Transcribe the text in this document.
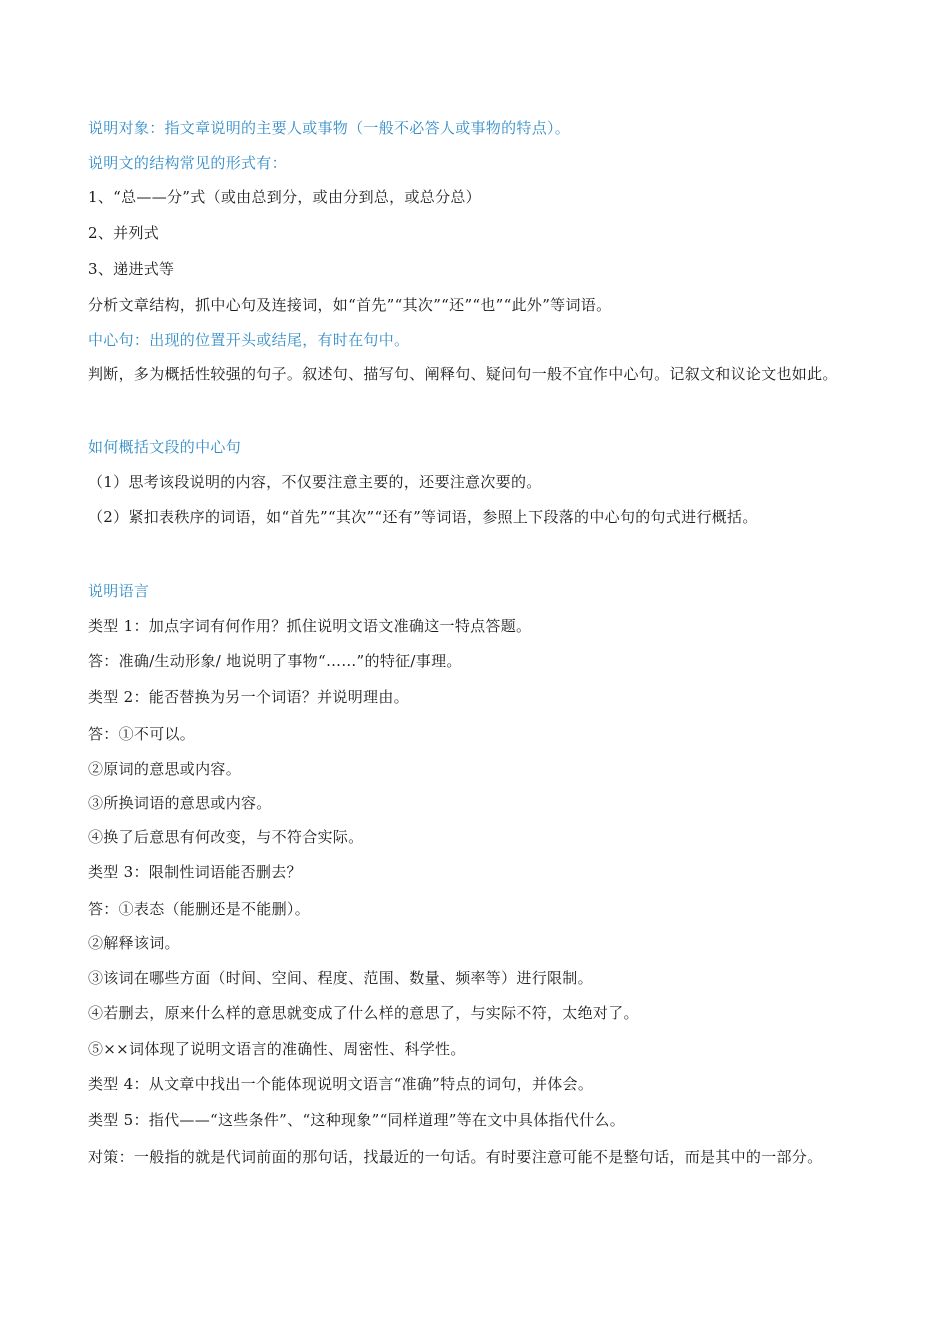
说明对象：指文章说明的主要人或事物（一般不必答人或事物的特点）。
说明文的结构常见的形式有：
1、“总——分”式（或由总到分，或由分到总，或总分总）
2、并列式
3、递进式等
分析文章结构，抓中心句及连接词，如“首先”“其次”“还”“也”“此外”等词语。
中心句：出现的位置开头或结尾，有时在句中。
判断，多为概括性较强的句子。叙述句、描写句、阐释句、疑问句一般不宜作中心句。记叙文和议论文也如此。
如何概括文段的中心句
（1）思考该段说明的内容，不仅要注意主要的，还要注意次要的。
（2）紧扣表秩序的词语，如“首先”“其次”“还有”等词语，参照上下段落的中心句的句式进行概括。
说明语言
类型 1：加点字词有何作用？抓住说明文语文准确这一特点答题。
答：准确/生动形象/ 地说明了事物“……”的特征/事理。
类型 2：能否替换为另一个词语？并说明理由。
答：①不可以。
②原词的意思或内容。
③所换词语的意思或内容。
④换了后意思有何改变，与不符合实际。
类型 3：限制性词语能否删去？
答：①表态（能删还是不能删）。
②解释该词。
③该词在哪些方面（时间、空间、程度、范围、数量、频率等）进行限制。
④若删去，原来什么样的意思就变成了什么样的意思了，与实际不符，太绝对了。
⑤××词体现了说明文语言的准确性、周密性、科学性。
类型 4：从文章中找出一个能体现说明文语言“准确”特点的词句，并体会。
类型 5：指代——“这些条件”、“这种现象”“同样道理”等在文中具体指代什么。
对策：一般指的就是代词前面的那句话，找最近的一句话。有时要注意可能不是整句话，而是其中的一部分。
